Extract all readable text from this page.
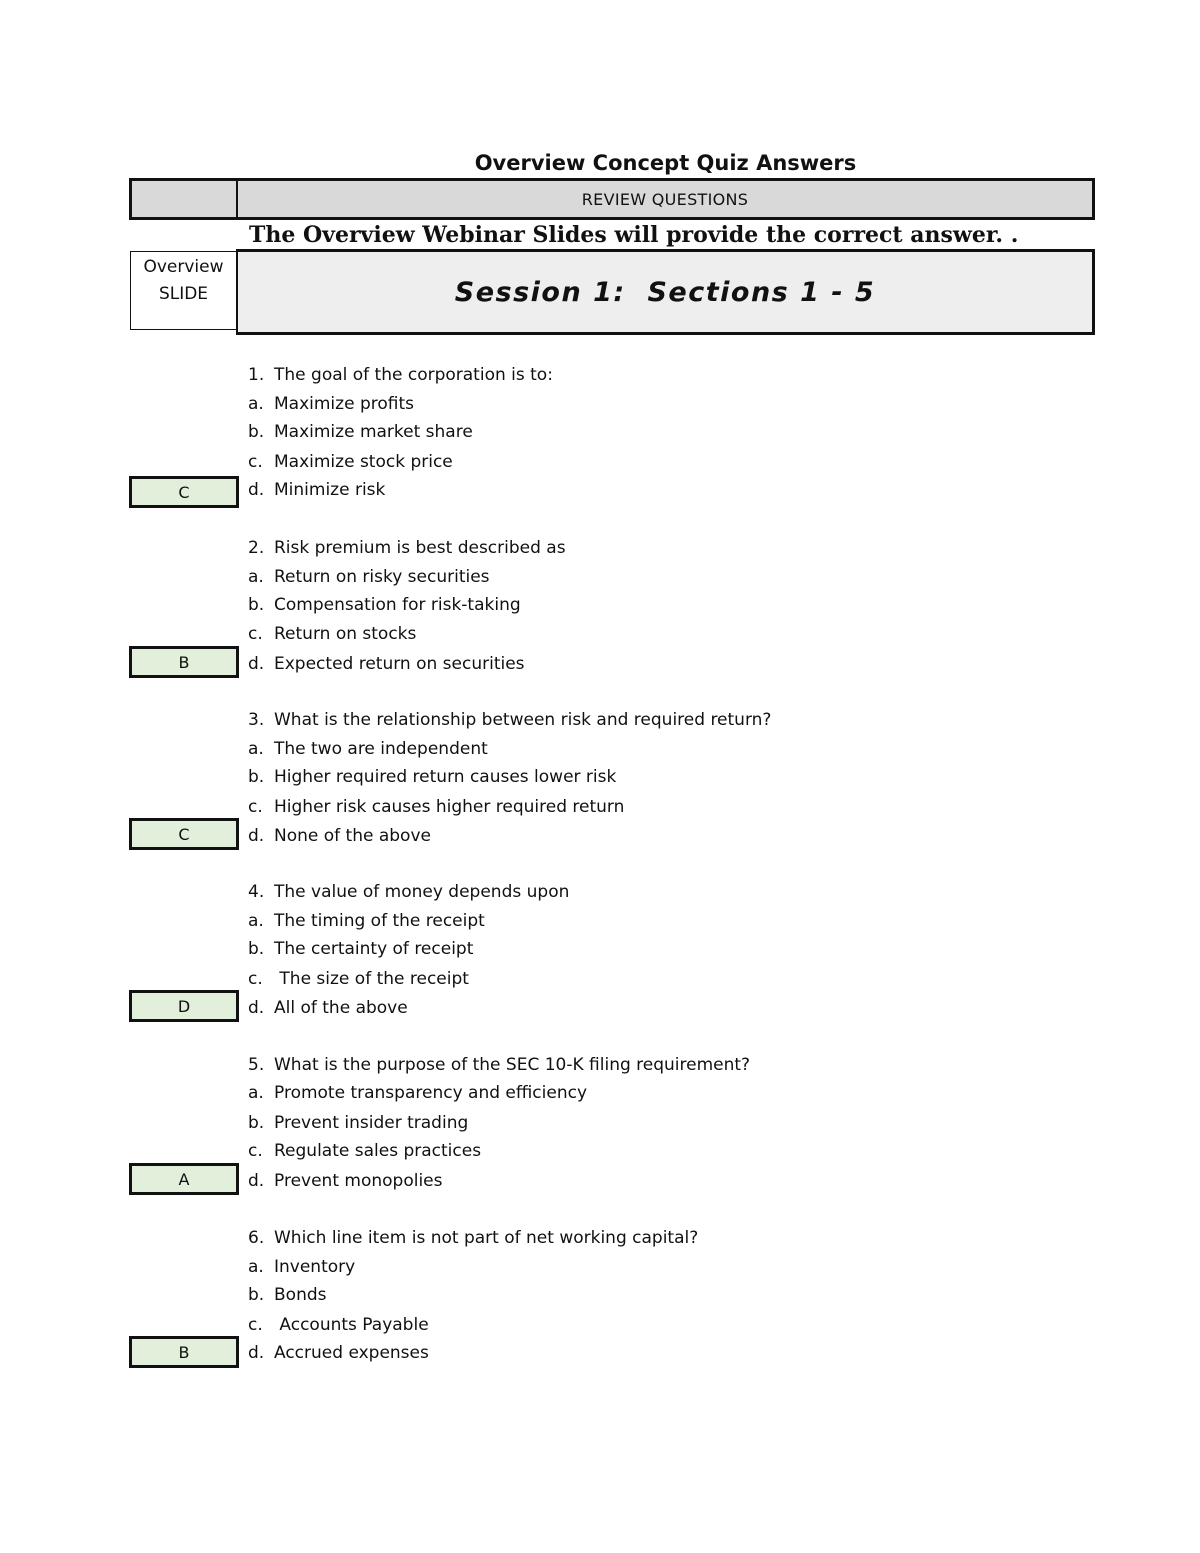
Overview Concept Quiz Answers
REVIEW QUESTIONS
The Overview Webinar Slides will provide the correct answer. .
Overview
SLIDE	Session 1:  Sections 1 - 5
1. The goal of the corporation is to:
a. Maximize profits
b. Maximize market share
c. Maximize stock price
d. Minimize risk
C
2. Risk premium is best described as
a. Return on risky securities
b. Compensation for risk-taking
c. Return on stocks
d. Expected return on securities
B
3. What is the relationship between risk and required return?
a. The two are independent
b. Higher required return causes lower risk
c. Higher risk causes higher required return
d. None of the above
C
4. The value of money depends upon
a. The timing of the receipt
b. The certainty of receipt
c. The size of the receipt
d. All of the above
D
5. What is the purpose of the SEC 10-K filing requirement?
a. Promote transparency and efficiency
b. Prevent insider trading
c. Regulate sales practices
d. Prevent monopolies
A
6. Which line item is not part of net working capital?
a. Inventory
b. Bonds
c. Accounts Payable
d. Accrued expenses
B
